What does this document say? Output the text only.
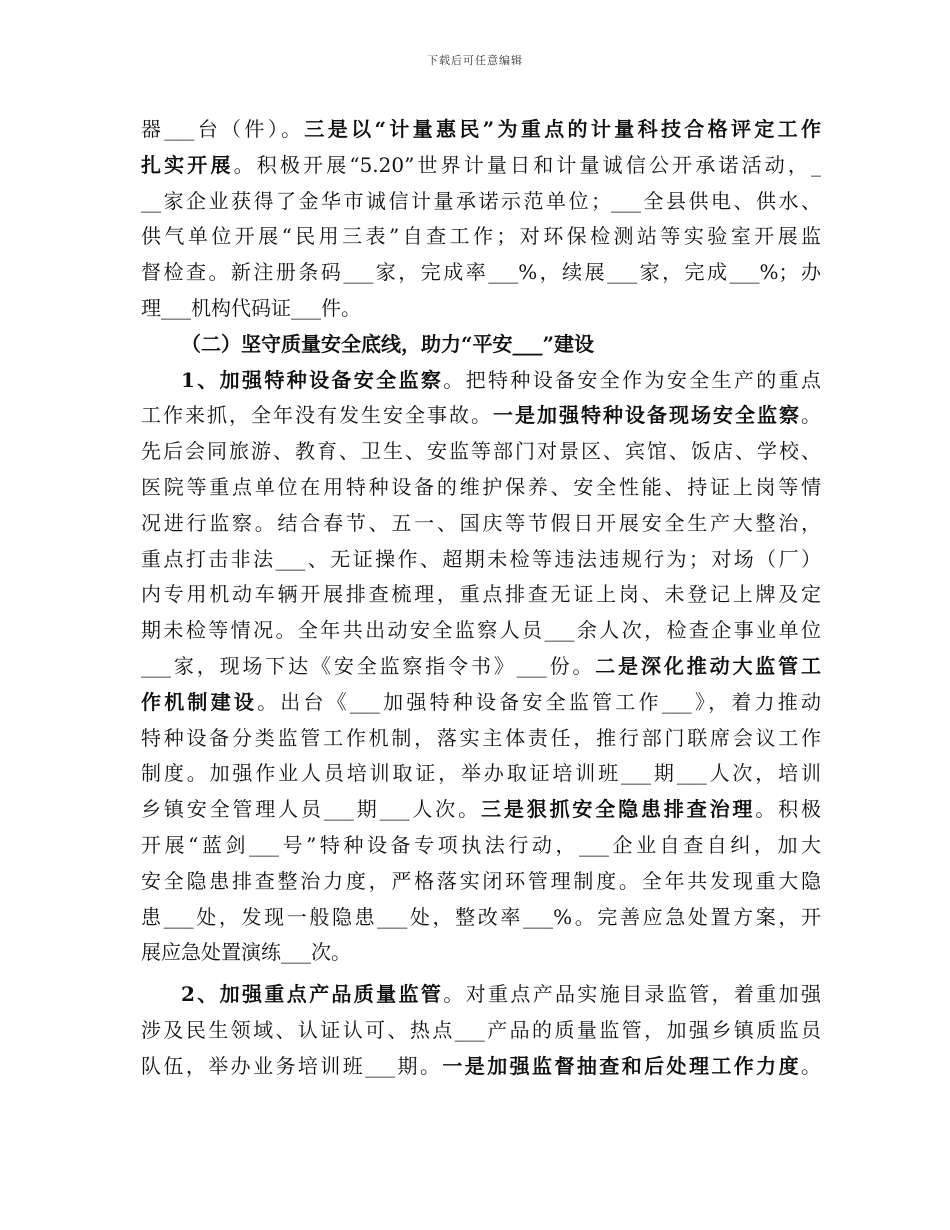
下载后可任意编辑
器___台（件）。三是以“计量惠民”为重点的计量科技合格评定工作
扎实开展。积极开展“5.20”世界计量日和计量诚信公开承诺活动，_
__家企业获得了金华市诚信计量承诺示范单位；___全县供电、供水、
供气单位开展“民用三表”自查工作；对环保检测站等实验室开展监
督检查。新注册条码___家，完成率___%，续展___家，完成___%；办
理___机构代码证___件。
（二）坚守质量安全底线，助力“平安___”建设
1、加强特种设备安全监察。把特种设备安全作为安全生产的重点
工作来抓，全年没有发生安全事故。一是加强特种设备现场安全监察。
先后会同旅游、教育、卫生、安监等部门对景区、宾馆、饭店、学校、
医院等重点单位在用特种设备的维护保养、安全性能、持证上岗等情
况进行监察。结合春节、五一、国庆等节假日开展安全生产大整治，
重点打击非法___、无证操作、超期未检等违法违规行为；对场（厂）
内专用机动车辆开展排查梳理，重点排查无证上岗、未登记上牌及定
期未检等情况。全年共出动安全监察人员___余人次，检查企事业单位
___家，现场下达《安全监察指令书》___份。二是深化推动大监管工
作机制建设。出台《___加强特种设备安全监管工作___》，着力推动
特种设备分类监管工作机制，落实主体责任，推行部门联席会议工作
制度。加强作业人员培训取证，举办取证培训班___期___人次，培训
乡镇安全管理人员___期___人次。三是狠抓安全隐患排查治理。积极
开展“蓝剑___号”特种设备专项执法行动，___企业自查自纠，加大
安全隐患排查整治力度，严格落实闭环管理制度。全年共发现重大隐
患___处，发现一般隐患___处，整改率___%。完善应急处置方案，开
展应急处置演练___次。
2、加强重点产品质量监管。对重点产品实施目录监管，着重加强
涉及民生领域、认证认可、热点___产品的质量监管，加强乡镇质监员
队伍，举办业务培训班___期。一是加强监督抽查和后处理工作力度。
